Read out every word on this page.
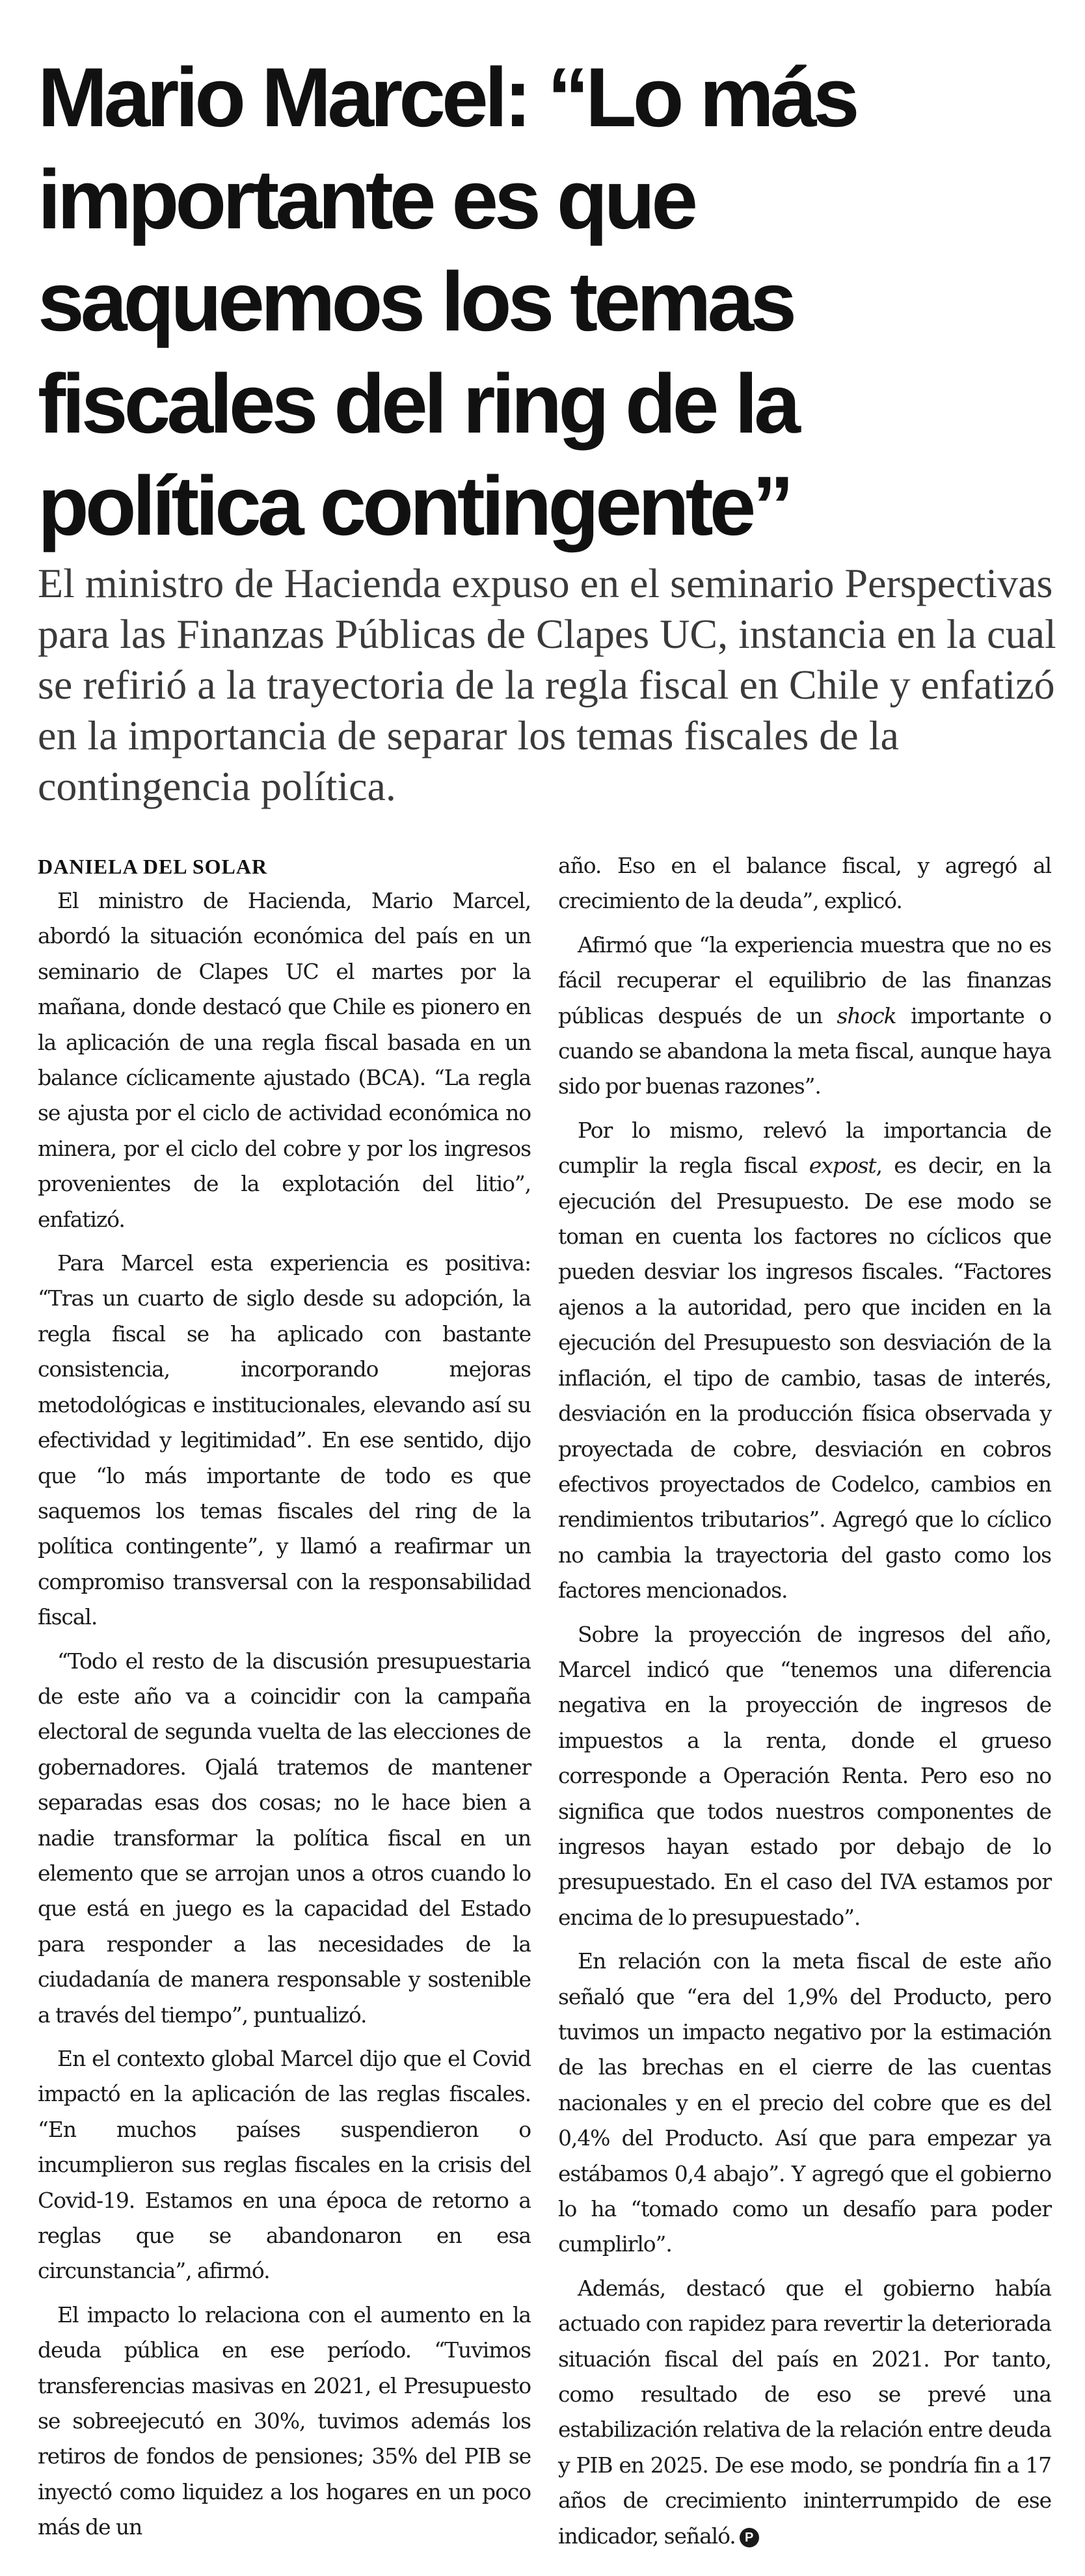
Mario Marcel: “Lo más importante es que saquemos los temas fiscales del ring de la política contingente”

El ministro de Hacienda expuso en el seminario Perspectivas para las Finanzas Públicas de Clapes UC, instancia en la cual se refirió a la trayectoria de la regla fiscal en Chile y enfatizó en la importancia de separar los temas fiscales de la contingencia política.

DANIELA DEL SOLAR

El ministro de Hacienda, Mario Marcel, abordó la situación económica del país en un seminario de Clapes UC el martes por la mañana, donde destacó que Chile es pionero en la aplicación de una regla fiscal basada en un balance cíclicamente ajustado (BCA). “La regla se ajusta por el ciclo de actividad económica no minera, por el ciclo del cobre y por los ingresos provenientes de la explotación del litio”, enfatizó.

Para Marcel esta experiencia es positiva: “Tras un cuarto de siglo desde su adopción, la regla fiscal se ha aplicado con bastante consistencia, incorporando mejoras metodológicas e institucionales, elevando así su efectividad y legitimidad”. En ese sentido, dijo que “lo más importante de todo es que saquemos los temas fiscales del ring de la política contingente”, y llamó a reafirmar un compromiso transversal con la responsabilidad fiscal.

“Todo el resto de la discusión presupuestaria de este año va a coincidir con la campaña electoral de segunda vuelta de las elecciones de gobernadores. Ojalá tratemos de mantener separadas esas dos cosas; no le hace bien a nadie transformar la política fiscal en un elemento que se arrojan unos a otros cuando lo que está en juego es la capacidad del Estado para responder a las necesidades de la ciudadanía de manera responsable y sostenible a través del tiempo”, puntualizó.

En el contexto global Marcel dijo que el Covid impactó en la aplicación de las reglas fiscales. “En muchos países suspendieron o incumplieron sus reglas fiscales en la crisis del Covid-19. Estamos en una época de retorno a reglas que se abandonaron en esa circunstancia”, afirmó.

El impacto lo relaciona con el aumento en la deuda pública en ese período. “Tuvimos transferencias masivas en 2021, el Presupuesto se sobreejecutó en 30%, tuvimos además los retiros de fondos de pensiones; 35% del PIB se inyectó como liquidez a los hogares en un poco más de un

año. Eso en el balance fiscal, y agregó al crecimiento de la deuda”, explicó.

Afirmó que “la experiencia muestra que no es fácil recuperar el equilibrio de las finanzas públicas después de un shock importante o cuando se abandona la meta fiscal, aunque haya sido por buenas razones”.

Por lo mismo, relevó la importancia de cumplir la regla fiscal expost, es decir, en la ejecución del Presupuesto. De ese modo se toman en cuenta los factores no cíclicos que pueden desviar los ingresos fiscales. “Factores ajenos a la autoridad, pero que inciden en la ejecución del Presupuesto son desviación de la inflación, el tipo de cambio, tasas de interés, desviación en la producción física observada y proyectada de cobre, desviación en cobros efectivos proyectados de Codelco, cambios en rendimientos tributarios”. Agregó que lo cíclico no cambia la trayectoria del gasto como los factores mencionados.

Sobre la proyección de ingresos del año, Marcel indicó que “tenemos una diferencia negativa en la proyección de ingresos de impuestos a la renta, donde el grueso corresponde a Operación Renta. Pero eso no significa que todos nuestros componentes de ingresos hayan estado por debajo de lo presupuestado. En el caso del IVA estamos por encima de lo presupuestado”.

En relación con la meta fiscal de este año señaló que “era del 1,9% del Producto, pero tuvimos un impacto negativo por la estimación de las brechas en el cierre de las cuentas nacionales y en el precio del cobre que es del 0,4% del Producto. Así que para empezar ya estábamos 0,4 abajo”. Y agregó que el gobierno lo ha “tomado como un desafío para poder cumplirlo”.

Además, destacó que el gobierno había actuado con rapidez para revertir la deteriorada situación fiscal del país en 2021. Por tanto, como resultado de eso se prevé una estabilización relativa de la relación entre deuda y PIB en 2025. De ese modo, se pondría fin a 17 años de crecimiento ininterrumpido de ese indicador, señaló. P
